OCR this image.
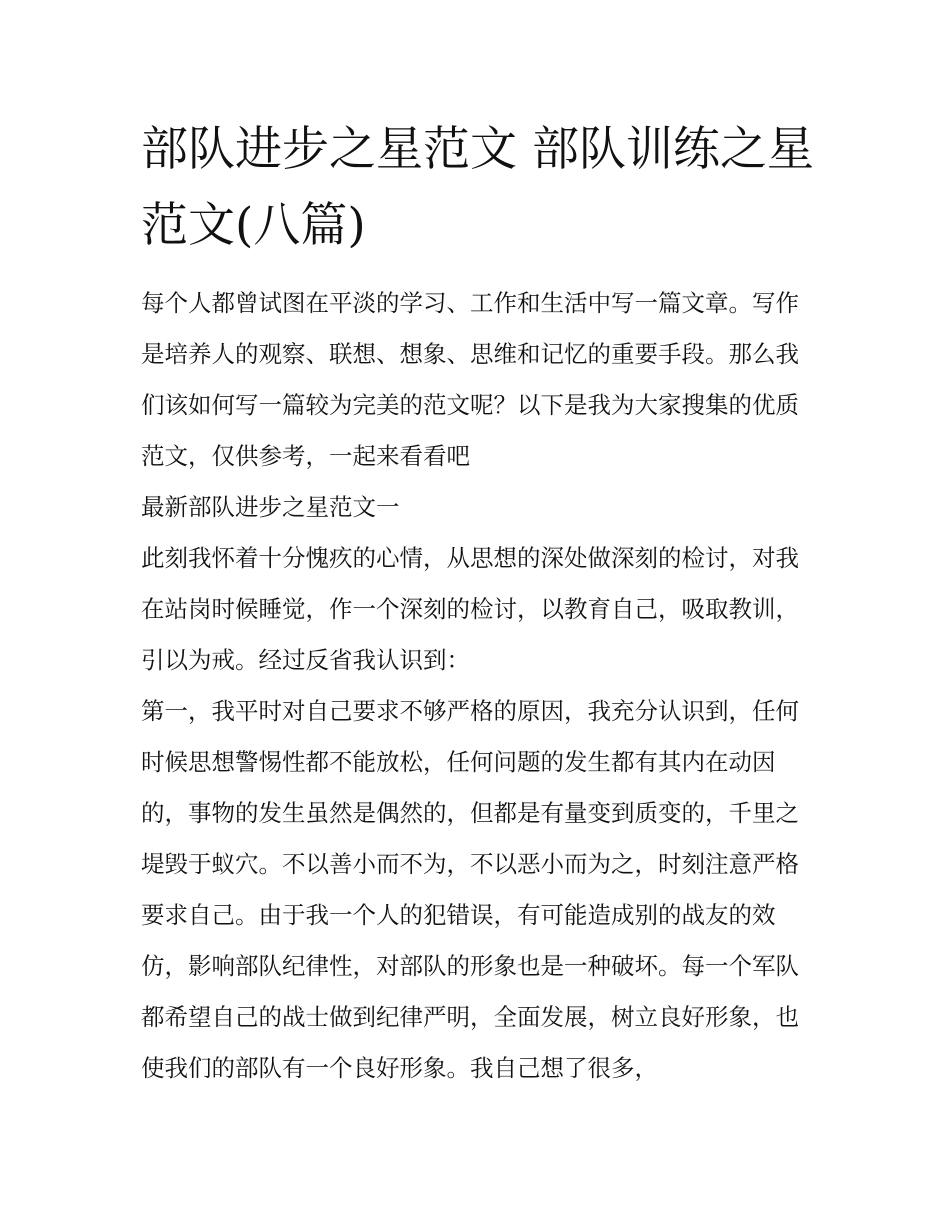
部队进步之星范文 部队训练之星范文(八篇)

每个人都曾试图在平淡的学习、工作和生活中写一篇文章。写作是培养人的观察、联想、想象、思维和记忆的重要手段。那么我们该如何写一篇较为完美的范文呢？以下是我为大家搜集的优质范文，仅供参考，一起来看看吧

最新部队进步之星范文一

此刻我怀着十分愧疚的心情，从思想的深处做深刻的检讨，对我在站岗时候睡觉，作一个深刻的检讨，以教育自己，吸取教训，引以为戒。经过反省我认识到：

第一，我平时对自己要求不够严格的原因，我充分认识到，任何时候思想警惕性都不能放松，任何问题的发生都有其内在动因的，事物的发生虽然是偶然的，但都是有量变到质变的，千里之堤毁于蚁穴。不以善小而不为，不以恶小而为之，时刻注意严格要求自己。由于我一个人的犯错误，有可能造成别的战友的效仿，影响部队纪律性，对部队的形象也是一种破坏。每一个军队都希望自己的战士做到纪律严明，全面发展，树立良好形象，也使我们的部队有一个良好形象。我自己想了很多，
